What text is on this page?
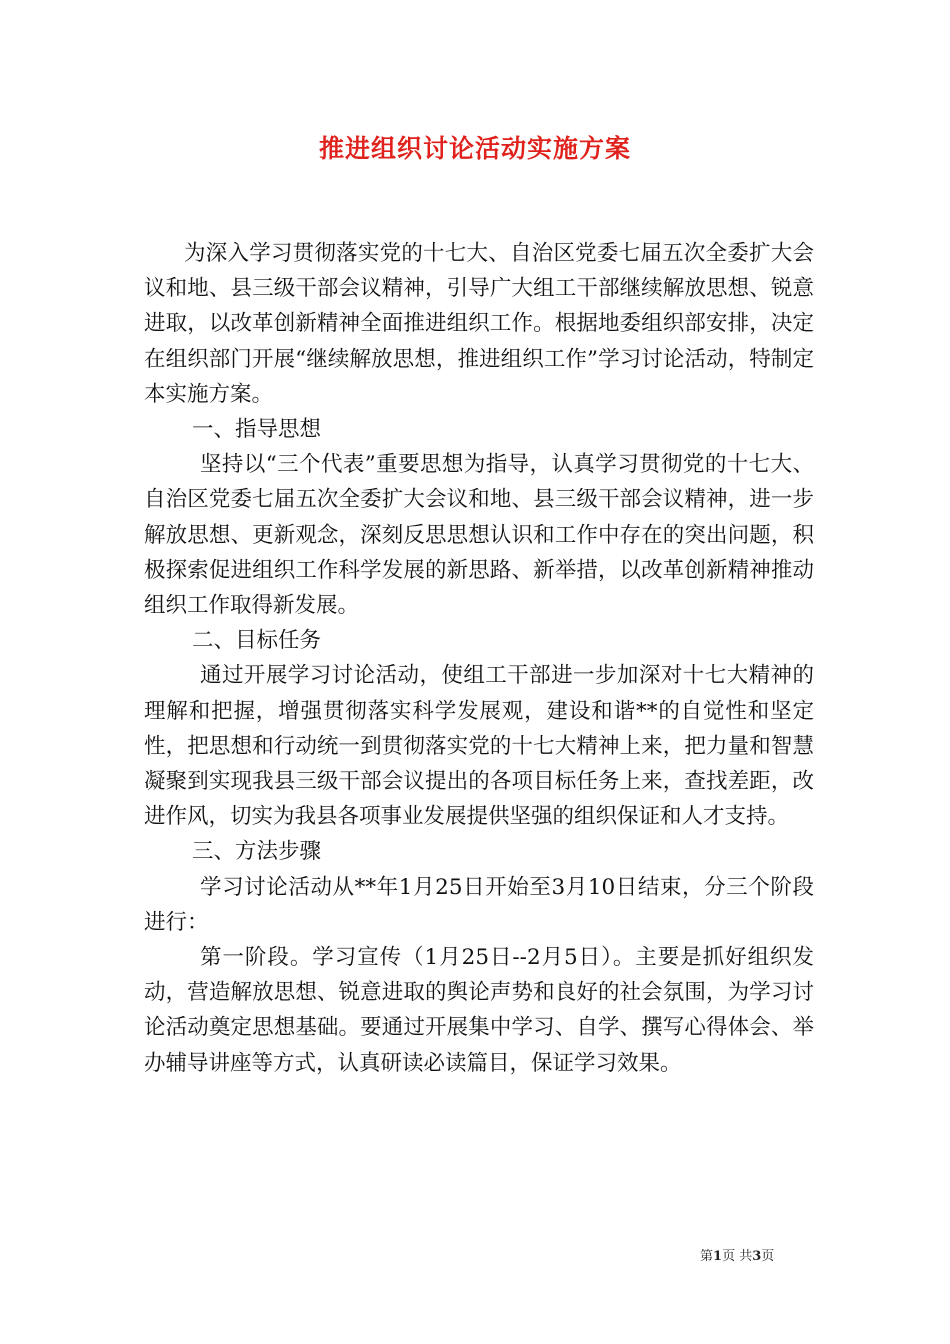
推进组织讨论活动实施方案

为深入学习贯彻落实党的十七大、自治区党委七届五次全委扩大会议和地、县三级干部会议精神，引导广大组工干部继续解放思想、锐意进取，以改革创新精神全面推进组织工作。根据地委组织部安排，决定在组织部门开展“继续解放思想，推进组织工作”学习讨论活动，特制定本实施方案。

一、指导思想

坚持以“三个代表”重要思想为指导，认真学习贯彻党的十七大、自治区党委七届五次全委扩大会议和地、县三级干部会议精神，进一步解放思想、更新观念，深刻反思思想认识和工作中存在的突出问题，积极探索促进组织工作科学发展的新思路、新举措，以改革创新精神推动组织工作取得新发展。

二、目标任务

通过开展学习讨论活动，使组工干部进一步加深对十七大精神的理解和把握，增强贯彻落实科学发展观，建设和谐**的自觉性和坚定性，把思想和行动统一到贯彻落实党的十七大精神上来，把力量和智慧凝聚到实现我县三级干部会议提出的各项目标任务上来，查找差距，改进作风，切实为我县各项事业发展提供坚强的组织保证和人才支持。

三、方法步骤

学习讨论活动从**年1月25日开始至3月10日结束，分三个阶段进行：

第一阶段。学习宣传（1月25日--2月5日）。主要是抓好组织发动，营造解放思想、锐意进取的舆论声势和良好的社会氛围，为学习讨论活动奠定思想基础。要通过开展集中学习、自学、撰写心得体会、举办辅导讲座等方式，认真研读必读篇目，保证学习效果。

第1页 共3页
